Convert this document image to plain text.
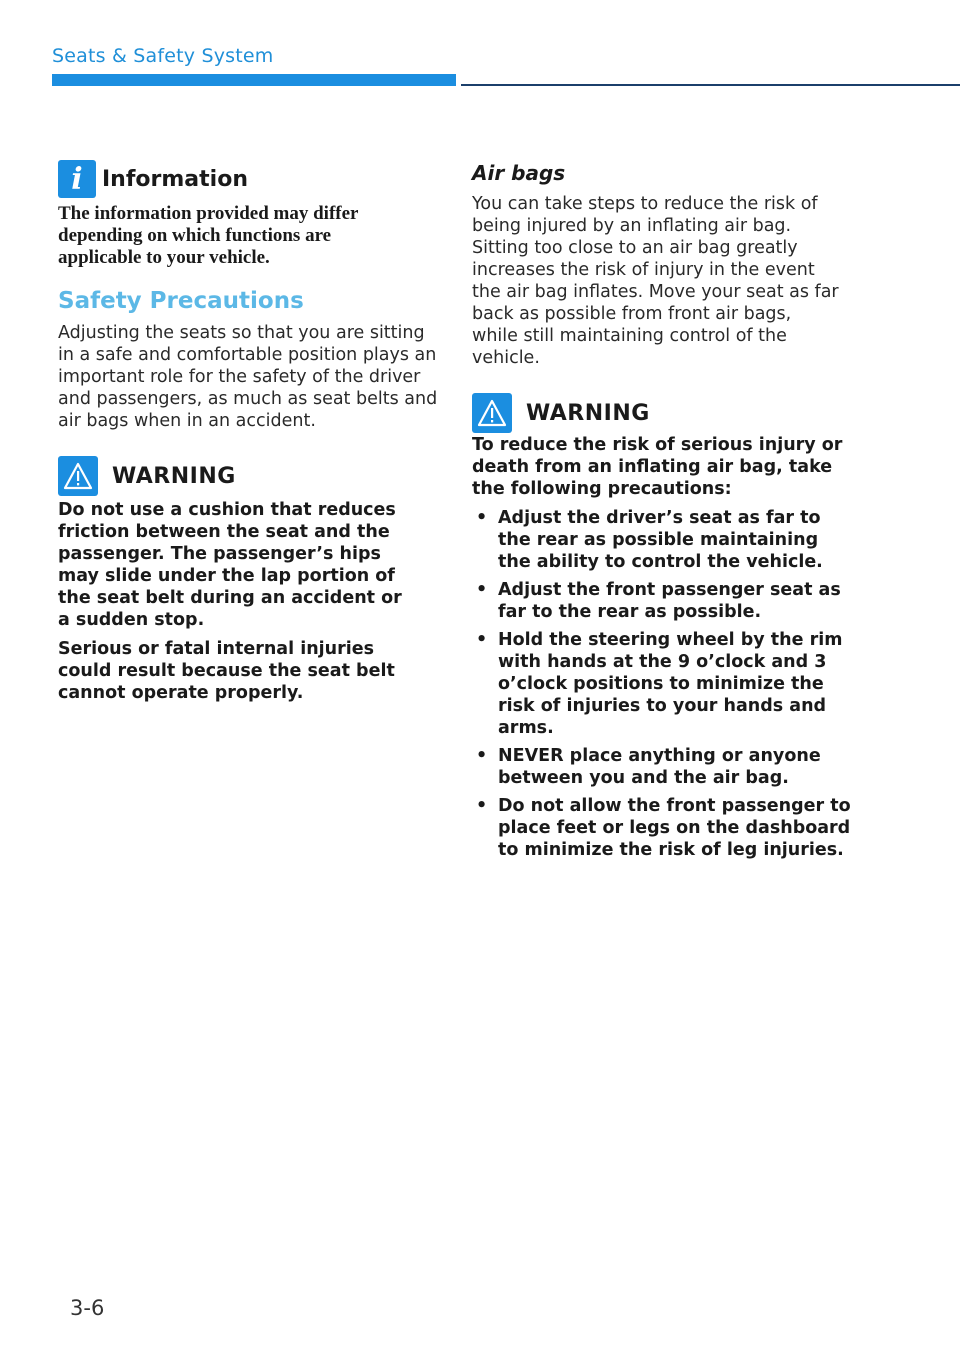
Seats & Safety System
i Information
The information provided may differ depending on which functions are applicable to your vehicle.
Safety Precautions
Adjusting the seats so that you are sitting in a safe and comfortable position plays an important role for the safety of the driver and passengers, as much as seat belts and air bags when in an accident.
WARNING

Do not use a cushion that reduces friction between the seat and the passenger. The passenger’s hips may slide under the lap portion of the seat belt during an accident or a sudden stop.

Serious or fatal internal injuries could result because the seat belt cannot operate properly.

Air bags
You can take steps to reduce the risk of being injured by an inflating air bag. Sitting too close to an air bag greatly increases the risk of injury in the event the air bag inflates. Move your seat as far back as possible from front air bags, while still maintaining control of the vehicle.
WARNING

To reduce the risk of serious injury or death from an inflating air bag, take the following precautions:

• Adjust the driver’s seat as far to the rear as possible maintaining the ability to control the vehicle.
• Adjust the front passenger seat as far to the rear as possible.
• Hold the steering wheel by the rim with hands at the 9 o’clock and 3 o’clock positions to minimize the risk of injuries to your hands and arms.
• NEVER place anything or anyone between you and the air bag.
• Do not allow the front passenger to place feet or legs on the dashboard to minimize the risk of leg injuries.
3-6
